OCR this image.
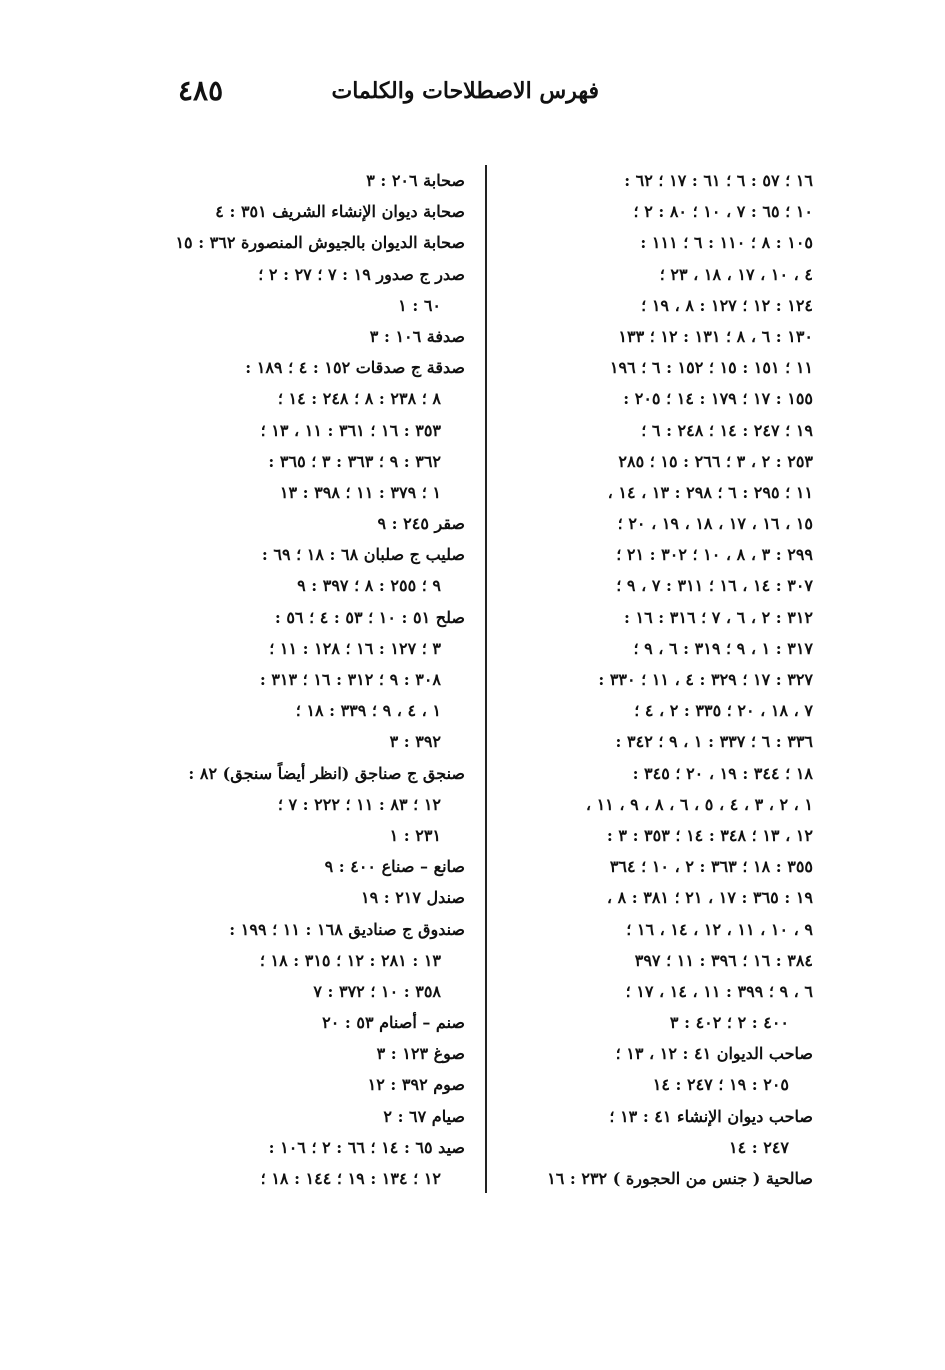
٤٨٥	فهرس الاصطلاحات والكلمات
١٦ ؛ ٥٧ : ٦ ؛ ٦١ : ١٧ ؛ ٦٢ :
١٠ ؛ ٦٥ : ٧ ، ١٠ ؛ ٨٠ : ٢ ؛
١٠٥ : ٨ ؛ ١١٠ : ٦ ؛ ١١١ :
٤ ، ١٠ ، ١٧ ، ١٨ ، ٢٣ ؛
١٢٤ : ١٢ ؛ ١٢٧ : ٨ ، ١٩ ؛
١٣٠ : ٦ ، ٨ ؛ ١٣١ : ١٢ ؛ ١٣٣
١١ ؛ ١٥١ : ١٥ ؛ ١٥٢ : ٦ ؛ ١٩٦
١٥٥ : ١٧ ؛ ١٧٩ : ١٤ ؛ ٢٠٥ :
١٩ ؛ ٢٤٧ : ١٤ ؛ ٢٤٨ : ٦ ؛
٢٥٣ : ٢ ، ٣ ؛ ٢٦٦ : ١٥ ؛ ٢٨٥
١١ ؛ ٢٩٥ : ٦ ؛ ٢٩٨ : ١٣ ، ١٤ ،
١٥ ، ١٦ ، ١٧ ، ١٨ ، ١٩ ، ٢٠ ؛
٢٩٩ : ٣ ، ٨ ، ١٠ ؛ ٣٠٢ : ٢١ ؛
٣٠٧ : ١٤ ، ١٦ ؛ ٣١١ : ٧ ، ٩ ؛
٣١٢ : ٢ ، ٦ ، ٧ ؛ ٣١٦ : ١٦ :
٣١٧ : ١ ، ٩ ؛ ٣١٩ : ٦ ، ٩ ؛
٣٢٧ : ١٧ ؛ ٣٢٩ : ٤ ، ١١ ؛ ٣٣٠ :
٧ ، ١٨ ، ٢٠ ؛ ٣٣٥ : ٢ ، ٤ ؛
٣٣٦ : ٦ ؛ ٣٣٧ : ١ ، ٩ ؛ ٣٤٢ :
١٨ ؛ ٣٤٤ : ١٩ ، ٢٠ ؛ ٣٤٥ :
١ ، ٢ ، ٣ ، ٤ ، ٥ ، ٦ ، ٨ ، ٩ ، ١١ ،
١٢ ، ١٣ ؛ ٣٤٨ : ١٤ ؛ ٣٥٣ : ٣ :
٣٥٥ : ١٨ ؛ ٣٦٣ : ٢ ، ١٠ ؛ ٣٦٤
١٩ : ٣٦٥ : ١٧ ، ٢١ ؛ ٣٨١ : ٨ ،
٩ ، ١٠ ، ١١ ، ١٢ ، ١٤ ، ١٦ ؛
٣٨٤ : ١٦ ؛ ٣٩٦ : ١١ ؛ ٣٩٧
٦ ، ٩ ؛ ٣٩٩ : ١١ ، ١٤ ، ١٧ ؛
٤٠٠ : ٢ ؛ ٤٠٢ : ٣
صاحب الديوان ٤١ : ١٢ ، ١٣ ؛
٢٠٥ : ١٩ ؛ ٢٤٧ : ١٤
صاحب ديوان الإنشاء ٤١ : ١٣ ؛
٢٤٧ : ١٤
صالحية ( جنس من الحجورة ) ٢٣٢ : ١٦
صحابة ٢٠٦ : ٣
صحابة ديوان الإنشاء الشريف ٣٥١ : ٤
صحابة الديوان بالجيوش المنصورة ٣٦٢ : ١٥
صدر ج صدور ١٩ : ٧ ؛ ٢٧ : ٢ ؛
٦٠ : ١
صدفة ١٠٦ : ٣
صدقة ج صدقات ١٥٢ : ٤ ؛ ١٨٩ :
٨ ؛ ٢٣٨ : ٨ ؛ ٢٤٨ : ١٤ ؛
٣٥٣ : ١٦ ؛ ٣٦١ : ١١ ، ١٣ ؛
٣٦٢ : ٩ ؛ ٣٦٣ : ٣ ؛ ٣٦٥ :
١ ؛ ٣٧٩ : ١١ ؛ ٣٩٨ : ١٣
صقر ٢٤٥ : ٩
صليب ج صلبان ٦٨ : ١٨ ؛ ٦٩ :
٩ ؛ ٢٥٥ : ٨ ؛ ٣٩٧ : ٩
صلح ٥١ : ١٠ ؛ ٥٣ : ٤ ؛ ٥٦ :
٣ ؛ ١٢٧ : ١٦ ؛ ١٢٨ : ١١ ؛
٣٠٨ : ٩ ؛ ٣١٢ : ١٦ ؛ ٣١٣ :
١ ، ٤ ، ٩ ؛ ٣٣٩ : ١٨ ؛
٣٩٢ : ٣
صنجق ج صناجق (انظر أيضاً سنجق) ٨٢ :
١٢ ؛ ٨٣ : ١١ ؛ ٢٢٢ : ٧ ؛
٢٣١ : ١
صانع – صناع ٤٠٠ : ٩
صندل ٢١٧ : ١٩
صندوق ج صناديق ١٦٨ : ١١ ؛ ١٩٩ :
١٣ : ٢٨١ : ١٢ ؛ ٣١٥ : ١٨ ؛
٣٥٨ : ١٠ ؛ ٣٧٢ : ٧
صنم – أصنام ٥٣ : ٢٠
صوغ ١٢٣ : ٣
صوم ٣٩٢ : ١٢
صيام ٦٧ : ٢
صيد ٦٥ : ١٤ ؛ ٦٦ : ٢ ؛ ١٠٦ :
١٢ ؛ ١٣٤ : ١٩ ؛ ١٤٤ : ١٨ ؛
